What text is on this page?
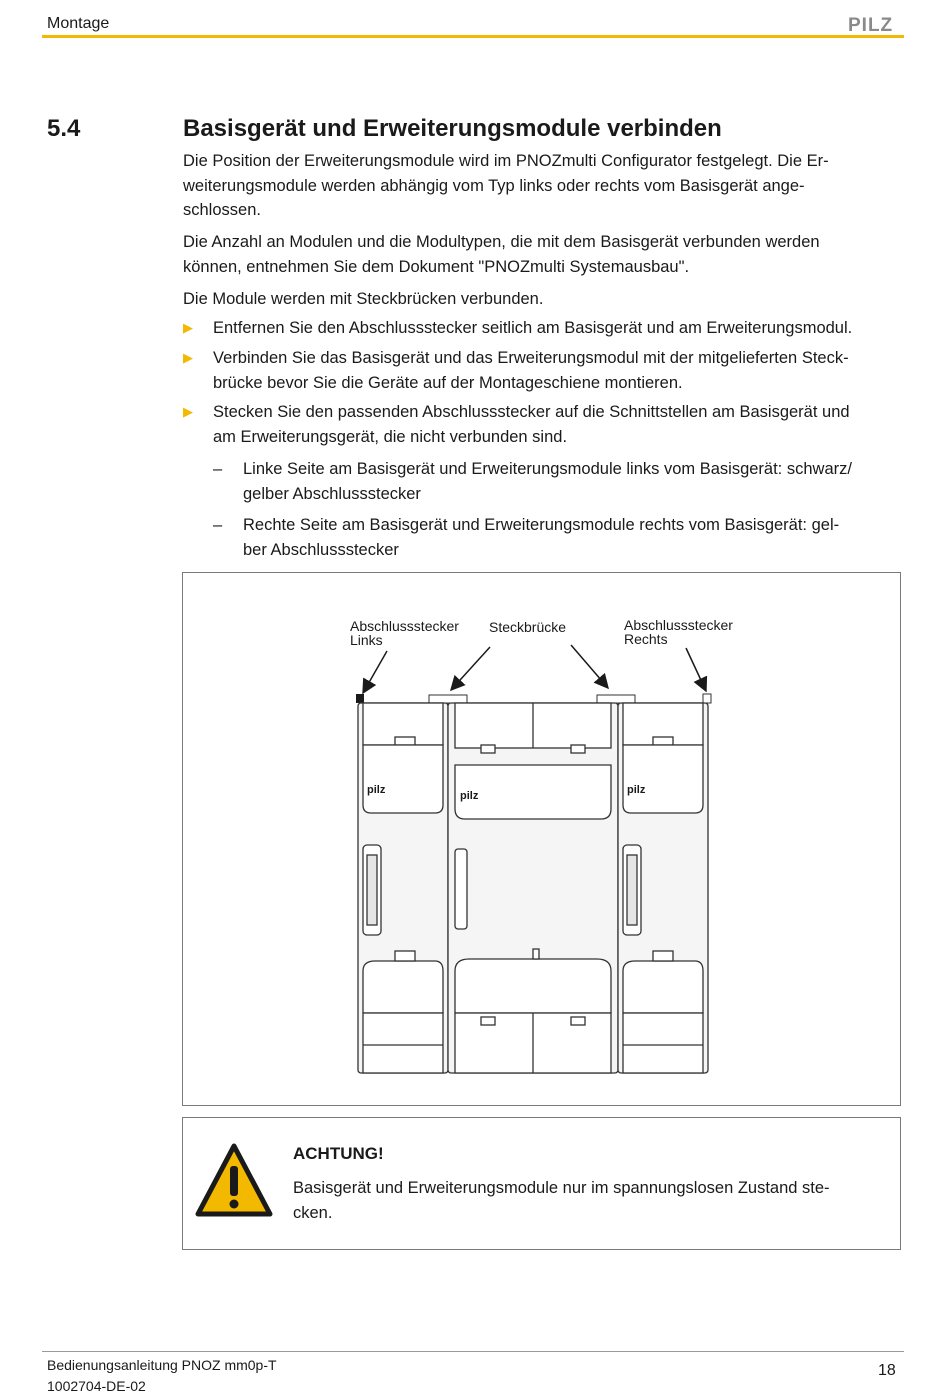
Montage	PILZ
5.4	Basisgerät und Erweiterungsmodule verbinden
Die Position der Erweiterungsmodule wird im PNOZmulti Configurator festgelegt. Die Er-
weiterungsmodule werden abhängig vom Typ links oder rechts vom Basisgerät ange-
schlossen.
Die Anzahl an Modulen und die Modultypen, die mit dem Basisgerät verbunden werden
können, entnehmen Sie dem Dokument "PNOZmulti Systemausbau".
Die Module werden mit Steckbrücken verbunden.
▶ Entfernen Sie den Abschlussstecker seitlich am Basisgerät und am Erweiterungsmodul.
▶ Verbinden Sie das Basisgerät und das Erweiterungsmodul mit der mitgelieferten Steck-
brücke bevor Sie die Geräte auf der Montageschiene montieren.
▶ Stecken Sie den passenden Abschlussstecker auf die Schnittstellen am Basisgerät und
am Erweiterungsgerät, die nicht verbunden sind.
– Linke Seite am Basisgerät und Erweiterungsmodule links vom Basisgerät: schwarz/
gelber Abschlussstecker
– Rechte Seite am Basisgerät und Erweiterungsmodule rechts vom Basisgerät: gel-
ber Abschlussstecker
Abschlussstecker
Links
Steckbrücke	Abschlussstecker
Rechts
pilz	pilz	pilz
ACHTUNG!
Basisgerät und Erweiterungsmodule nur im spannungslosen Zustand ste-
cken.
Bedienungsanleitung PNOZ mm0p-T
1002704-DE-02
18
